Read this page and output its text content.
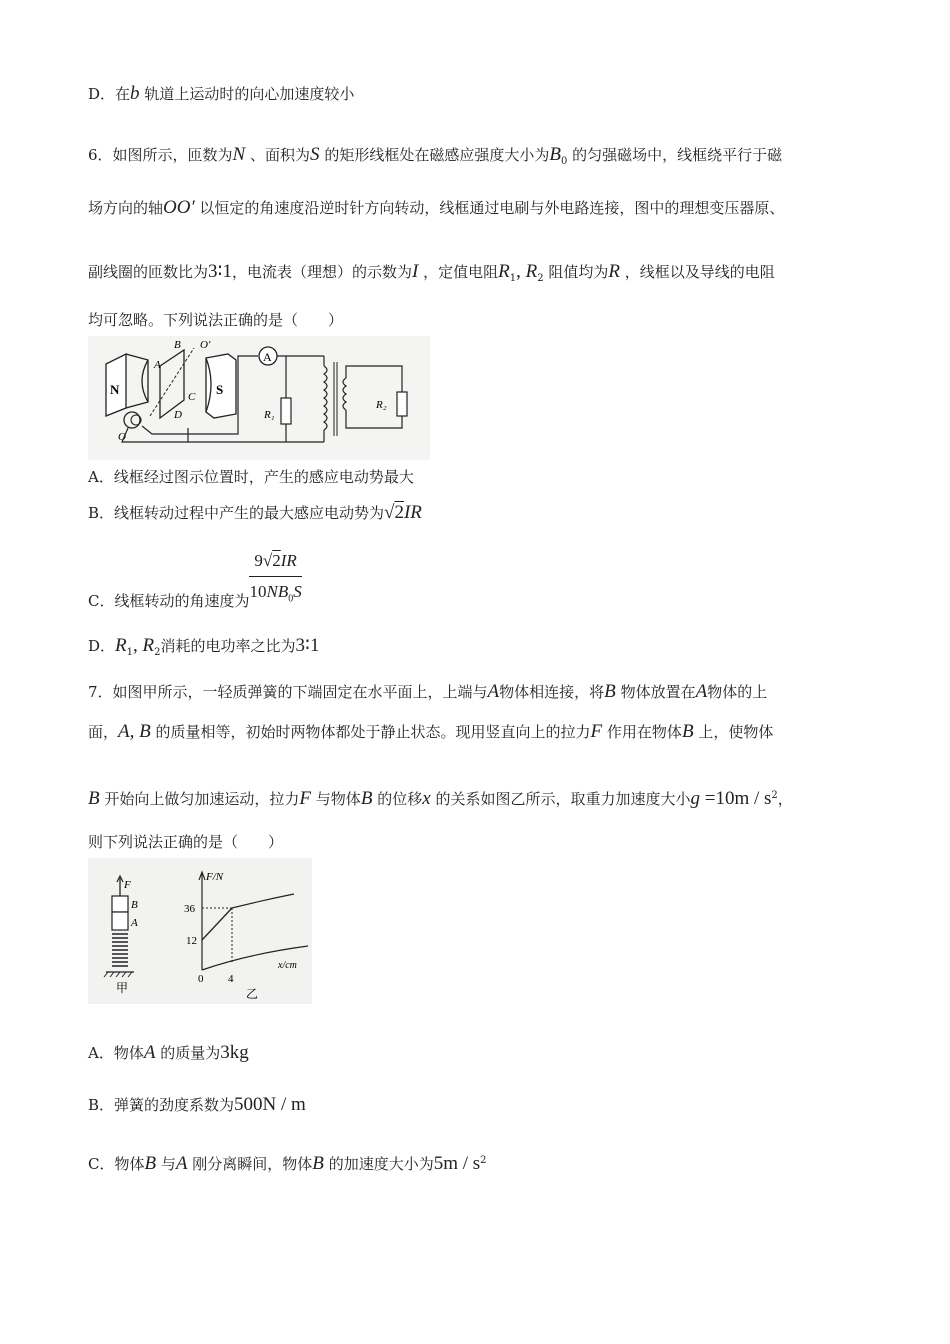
D．在b 轨道上运动时的向心加速度较小
6．如图所示，匝数为N 、面积为S 的矩形线框处在磁感应强度大小为$B_0$ 的匀强磁场中，线框绕平行于磁
场方向的轴OO′ 以恒定的角速度沿逆时针方向转动，线框通过电刷与外电路连接，图中的理想变压器原、
副线圈的匝数比为3∶1，电流表（理想）的示数为I ，定值电阻$R_1$, $R_2$ 阻值均为R ，线框以及导线的电阻
均可忽略。下列说法正确的是（　　）
N	S
A
B
C
D
O′
O
A
R₁
R₂
A．线框经过图示位置时，产生的感应电动势最大
B．线框转动过程中产生的最大感应电动势为√2IR
C．线框转动的角速度为 $\frac{9√2IR}{10NB_0S}$
D．$R_1$, $R_2$消耗的电功率之比为3∶1
7．如图甲所示，一轻质弹簧的下端固定在水平面上，上端与A物体相连接，将B 物体放置在A物体的上
面，A, B 的质量相等，初始时两物体都处于静止状态。现用竖直向上的拉力F 作用在物体B 上，使物体
B 开始向上做匀加速运动，拉力F 与物体B 的位移x 的关系如图乙所示，取重力加速度大小$g =10m / s^2$，
则下列说法正确的是（　　）
F
B
A
甲
F/N
x/cm
36
12
0 4
乙
A．物体A 的质量为3kg
B．弹簧的劲度系数为500N / m
C．物体B 与A 刚分离瞬间，物体B 的加速度大小为$5m / s^2$
